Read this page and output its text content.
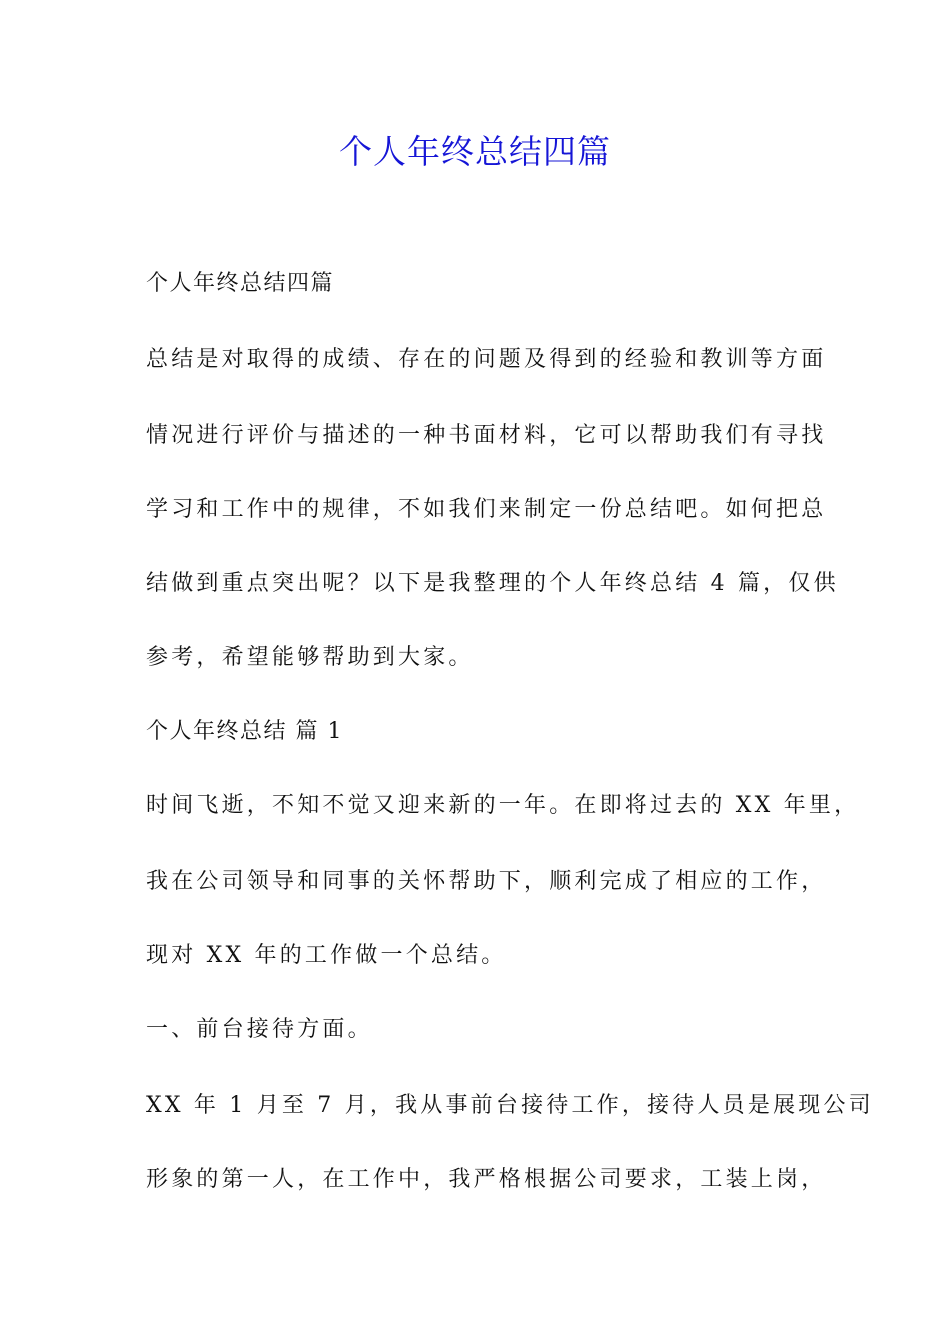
个人年终总结四篇
个人年终总结四篇
总结是对取得的成绩、存在的问题及得到的经验和教训等方面
情况进行评价与描述的一种书面材料，它可以帮助我们有寻找
学习和工作中的规律，不如我们来制定一份总结吧。如何把总
结做到重点突出呢？以下是我整理的个人年终总结 4 篇，仅供
参考，希望能够帮助到大家。
个人年终总结 篇 1
时间飞逝，不知不觉又迎来新的一年。在即将过去的 XX 年里，
我在公司领导和同事的关怀帮助下，顺利完成了相应的工作，
现对 XX 年的工作做一个总结。
一、前台接待方面。
XX 年 1 月至 7 月，我从事前台接待工作，接待人员是展现公司
形象的第一人，在工作中，我严格根据公司要求，工装上岗，
